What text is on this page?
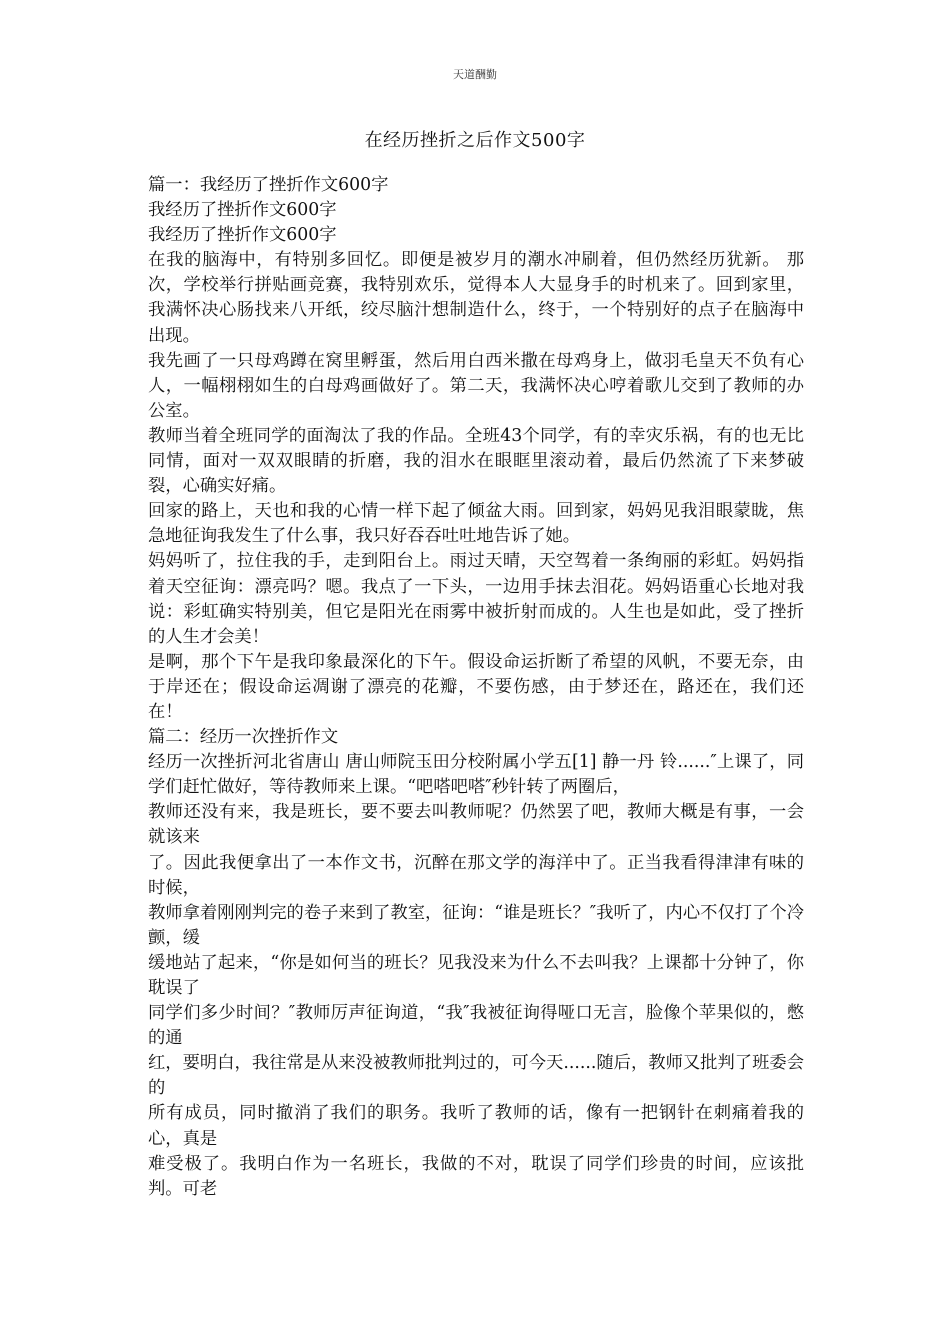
天道酬勤
在经历挫折之后作文500字

篇一：我经历了挫折作文600字

我经历了挫折作文600字

我经历了挫折作文600字

在我的脑海中，有特别多回忆。即便是被岁月的潮水冲刷着，但仍然经历犹新。 那次，学校举行拼贴画竞赛，我特别欢乐，觉得本人大显身手的时机来了。回到家里，我满怀决心肠找来八开纸，绞尽脑汁想制造什么，终于，一个特别好的点子在脑海中出现。

我先画了一只母鸡蹲在窝里孵蛋，然后用白西米撒在母鸡身上，做羽毛皇天不负有心人，一幅栩栩如生的白母鸡画做好了。第二天，我满怀决心哼着歌儿交到了教师的办公室。

教师当着全班同学的面淘汰了我的作品。全班43个同学，有的幸灾乐祸，有的也无比同情，面对一双双眼睛的折磨，我的泪水在眼眶里滚动着，最后仍然流了下来梦破裂，心确实好痛。

回家的路上，天也和我的心情一样下起了倾盆大雨。回到家，妈妈见我泪眼蒙眬，焦急地征询我发生了什么事，我只好吞吞吐吐地告诉了她。

妈妈听了，拉住我的手，走到阳台上。雨过天晴，天空驾着一条绚丽的彩虹。妈妈指着天空征询：漂亮吗？嗯。我点了一下头，一边用手抹去泪花。妈妈语重心长地对我说：彩虹确实特别美，但它是阳光在雨雾中被折射而成的。人生也是如此，受了挫折的人生才会美！

是啊，那个下午是我印象最深化的下午。假设命运折断了希望的风帆，不要无奈，由于岸还在；假设命运凋谢了漂亮的花瓣，不要伤感，由于梦还在，路还在，我们还在！

篇二：经历一次挫折作文

经历一次挫折河北省唐山 唐山师院玉田分校附属小学五[1] 静一丹 铃......″上课了，同学们赶忙做好，等待教师来上课。“吧嗒吧嗒″秒针转了两圈后，

教师还没有来，我是班长，要不要去叫教师呢？仍然罢了吧，教师大概是有事，一会就该来

了。因此我便拿出了一本作文书，沉醉在那文学的海洋中了。正当我看得津津有味的时候，

教师拿着刚刚判完的卷子来到了教室，征询：“谁是班长？″我听了，内心不仅打了个冷颤，缓

缓地站了起来，“你是如何当的班长？见我没来为什么不去叫我？上课都十分钟了，你耽误了

同学们多少时间？″教师厉声征询道，“我″我被征询得哑口无言，脸像个苹果似的，憋的通

红，要明白，我往常是从来没被教师批判过的，可今天......随后，教师又批判了班委会的

所有成员，同时撤消了我们的职务。我听了教师的话，像有一把钢针在刺痛着我的心，真是

难受极了。我明白作为一名班长，我做的不对，耽误了同学们珍贵的时间，应该批判。可老
